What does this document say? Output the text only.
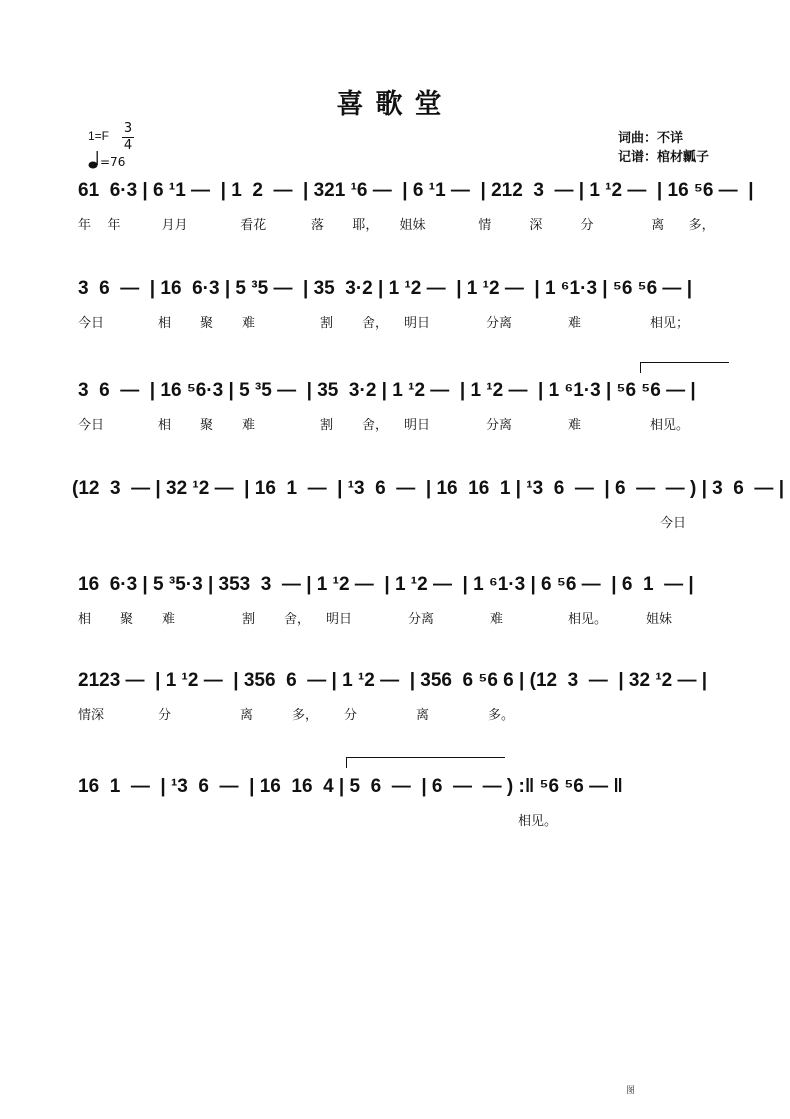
喜歌堂
1=F 3
4
=76
词曲：不详
记谱：棺材瓤子
61  6·3 | 6 ¹1 —  | 1  2  —  | 321 ¹6 —  | 6 ¹1 —  | 212  3  — | 1 ¹2 —  | 16 ⁵6 —  |
年	年	月月	看花	落	耶，	姐妹	情	深	分	离	多，
3  6  —  | 16  6·3 | 5 ³5 —  | 35  3·2 | 1 ¹2 —  | 1 ¹2 —  | 1 ⁶1·3 | ⁵6 ⁵6 — |
今日	相	聚	难	割	舍，	明日	分离	难	相见；
3  6  —  | 16 ⁵6·3 | 5 ³5 —  | 35  3·2 | 1 ¹2 —  | 1 ¹2 —  | 1 ⁶1·3 | ⁵6 ⁵6 — |
今日	相	聚	难	割	舍，	明日	分离	难	相见。
(12  3  — | 32 ¹2 —  | 16  1  —  | ¹3  6  —  | 16  16  1 | ¹3  6  —  | 6  —  — ) | 3  6  — |
今日
16  6·3 | 5 ³5·3 | 353  3  — | 1 ¹2 —  | 1 ¹2 —  | 1 ⁶1·3 | 6 ⁵6 —  | 6  1  — |
相	聚	难	割	舍，	明日	分离	难	相见。	姐妹
2123 —  | 1 ¹2 —  | 356  6  — | 1 ¹2 —  | 356  6 ⁵6 6 | (12  3  —  | 32 ¹2 — |
情深	分	离	多，	分	离	多。
16  1  —  | ¹3  6  —  | 16  16  4 | 5  6  —  | 6  —  — ) :‖ ⁵6 ⁵6 — ‖
相见。
图
